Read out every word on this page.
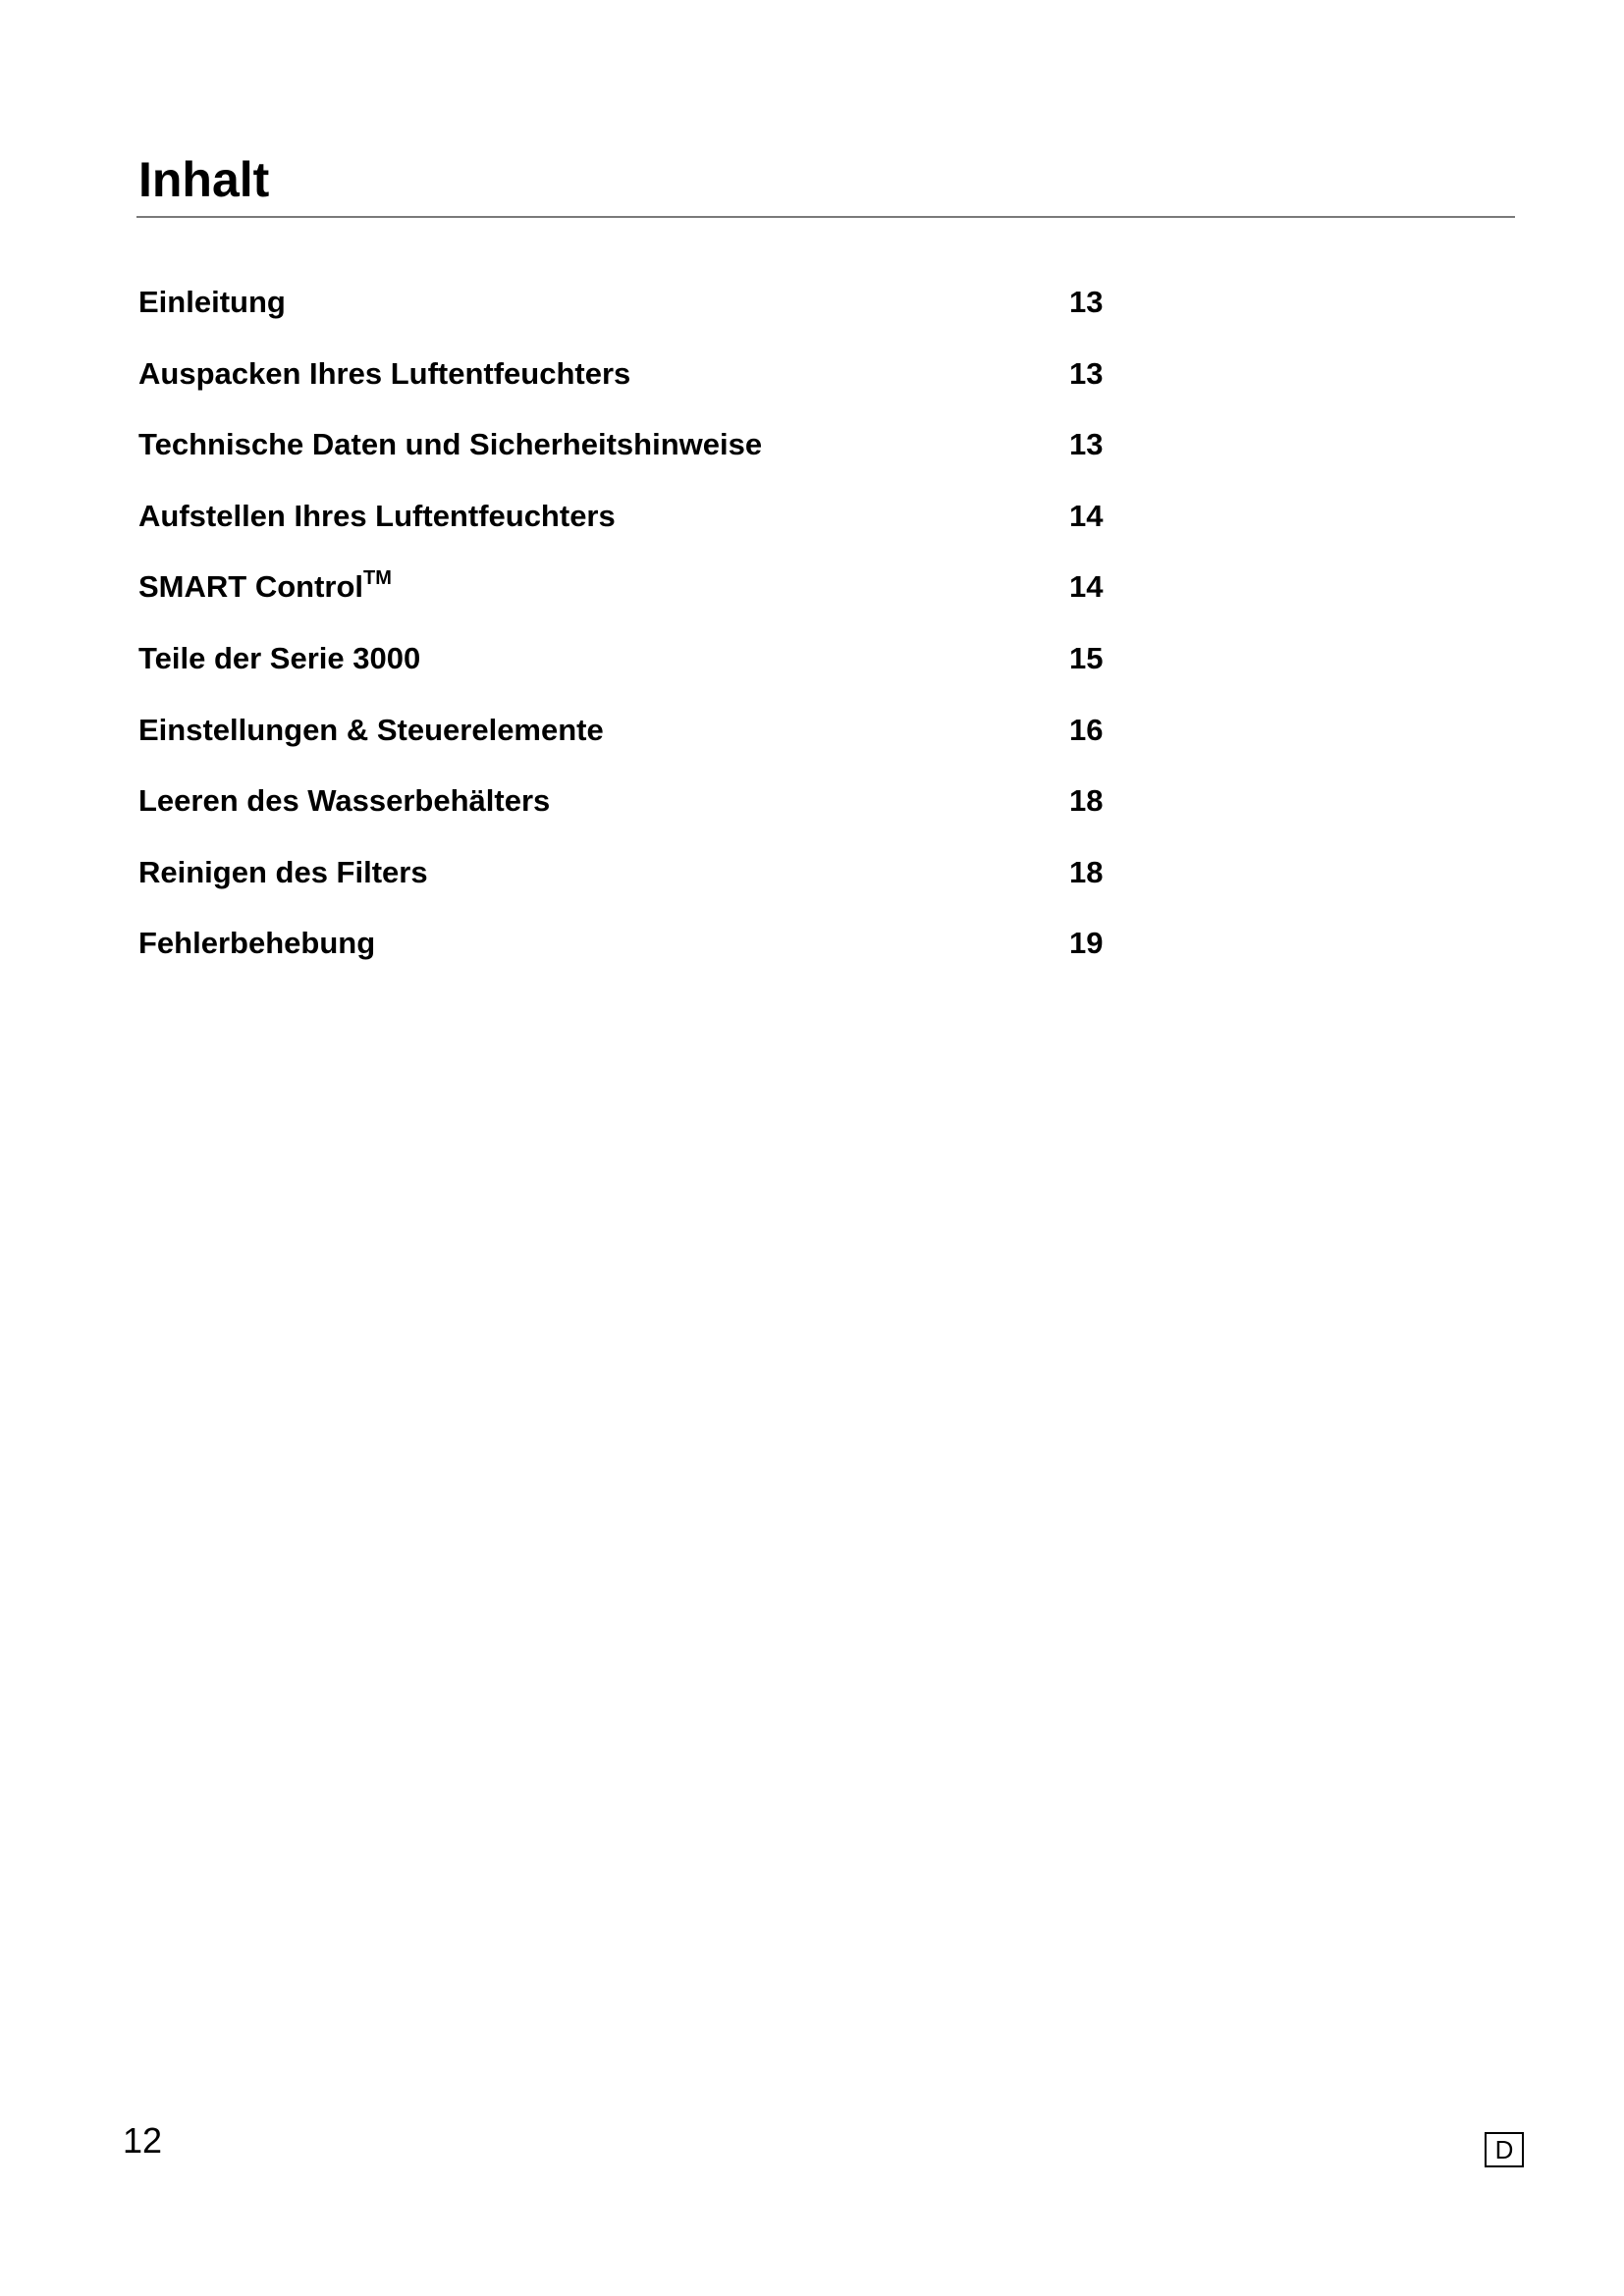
Inhalt
Einleitung	13
Auspacken Ihres Luftentfeuchters	13
Technische Daten und Sicherheitshinweise	13
Aufstellen Ihres Luftentfeuchters	14
SMART Control™	14
Teile der Serie 3000	15
Einstellungen & Steuerelemente	16
Leeren des Wasserbehälters	18
Reinigen des Filters	18
Fehlerbehebung	19
12	D
